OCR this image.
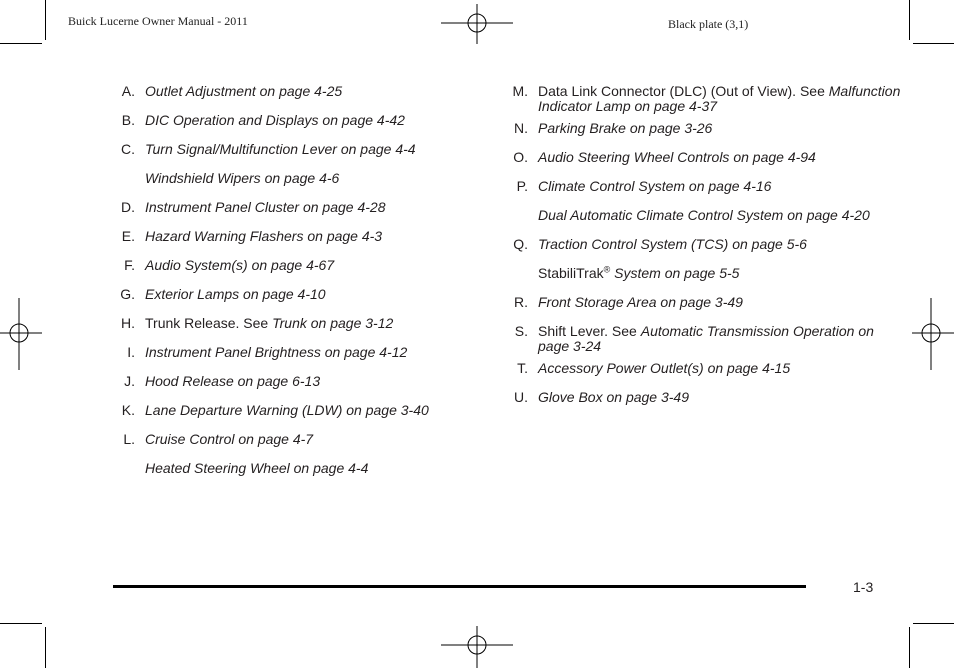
Buick Lucerne Owner Manual - 2011	Black plate (3,1)
A. Outlet Adjustment on page 4-25
B. DIC Operation and Displays on page 4-42
C. Turn Signal/Multifunction Lever on page 4-4
Windshield Wipers on page 4-6
D. Instrument Panel Cluster on page 4-28
E. Hazard Warning Flashers on page 4-3
F. Audio System(s) on page 4-67
G. Exterior Lamps on page 4-10
H. Trunk Release. See Trunk on page 3-12
I. Instrument Panel Brightness on page 4-12
J. Hood Release on page 6-13
K. Lane Departure Warning (LDW) on page 3-40
L. Cruise Control on page 4-7
Heated Steering Wheel on page 4-4
M. Data Link Connector (DLC) (Out of View). See Malfunction Indicator Lamp on page 4-37
N. Parking Brake on page 3-26
O. Audio Steering Wheel Controls on page 4-94
P. Climate Control System on page 4-16
Dual Automatic Climate Control System on page 4-20
Q. Traction Control System (TCS) on page 5-6
StabiliTrak® System on page 5-5
R. Front Storage Area on page 3-49
S. Shift Lever. See Automatic Transmission Operation on page 3-24
T. Accessory Power Outlet(s) on page 4-15
U. Glove Box on page 3-49
1-3
